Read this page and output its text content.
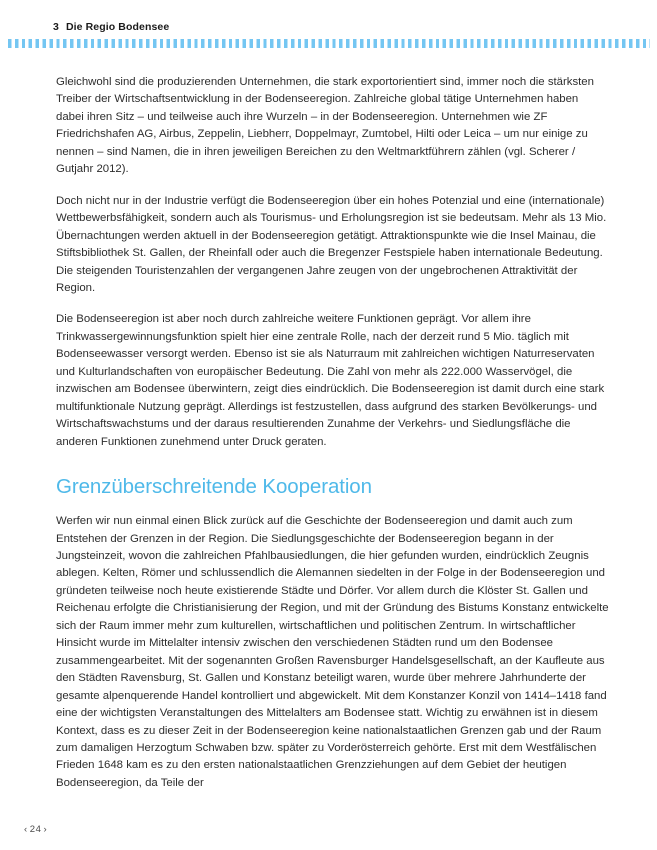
3 Die Regio Bodensee

Gleichwohl sind die produzierenden Unternehmen, die stark exportorientiert sind, immer noch die stärksten Treiber der Wirtschaftsentwicklung in der Bodenseeregion. Zahlreiche global tätige Unternehmen haben dabei ihren Sitz – und teilweise auch ihre Wurzeln – in der Bodenseeregion. Unternehmen wie ZF Friedrichshafen AG, Airbus, Zeppelin, Liebherr, Doppelmayr, Zumtobel, Hilti oder Leica – um nur einige zu nennen – sind Namen, die in ihren jeweiligen Bereichen zu den Weltmarktführern zählen (vgl. Scherer / Gutjahr 2012).

Doch nicht nur in der Industrie verfügt die Bodenseeregion über ein hohes Potenzial und eine (internationale) Wettbewerbsfähigkeit, sondern auch als Tourismus- und Erholungsregion ist sie bedeutsam. Mehr als 13 Mio. Übernachtungen werden aktuell in der Bodenseeregion getätigt. Attraktionspunkte wie die Insel Mainau, die Stiftsbibliothek St. Gallen, der Rheinfall oder auch die Bregenzer Festspiele haben internationale Bedeutung. Die steigenden Touristenzahlen der vergangenen Jahre zeugen von der ungebrochenen Attraktivität der Region.

Die Bodenseeregion ist aber noch durch zahlreiche weitere Funktionen geprägt. Vor allem ihre Trinkwassergewinnungsfunktion spielt hier eine zentrale Rolle, nach der derzeit rund 5 Mio. täglich mit Bodenseewasser versorgt werden. Ebenso ist sie als Naturraum mit zahlreichen wichtigen Naturreservaten und Kulturlandschaften von europäischer Bedeutung. Die Zahl von mehr als 222.000 Wasservögel, die inzwischen am Bodensee überwintern, zeigt dies eindrücklich. Die Bodenseeregion ist damit durch eine stark multifunktionale Nutzung geprägt. Allerdings ist festzustellen, dass aufgrund des starken Bevölkerungs- und Wirtschaftswachstums und der daraus resultierenden Zunahme der Verkehrs- und Siedlungsfläche die anderen Funktionen zunehmend unter Druck geraten.

Grenzüberschreitende Kooperation

Werfen wir nun einmal einen Blick zurück auf die Geschichte der Bodenseeregion und damit auch zum Entstehen der Grenzen in der Region. Die Siedlungsgeschichte der Bodenseeregion begann in der Jungsteinzeit, wovon die zahlreichen Pfahlbausiedlungen, die hier gefunden wurden, eindrücklich Zeugnis ablegen. Kelten, Römer und schlussendlich die Alemannen siedelten in der Folge in der Bodenseeregion und gründeten teilweise noch heute existierende Städte und Dörfer. Vor allem durch die Klöster St. Gallen und Reichenau erfolgte die Christianisierung der Region, und mit der Gründung des Bistums Konstanz entwickelte sich der Raum immer mehr zum kulturellen, wirtschaftlichen und politischen Zentrum. In wirtschaftlicher Hinsicht wurde im Mittelalter intensiv zwischen den verschiedenen Städten rund um den Bodensee zusammengearbeitet. Mit der sogenannten Großen Ravensburger Handelsgesellschaft, an der Kaufleute aus den Städten Ravensburg, St. Gallen und Konstanz beteiligt waren, wurde über mehrere Jahrhunderte der gesamte alpenquerende Handel kontrolliert und abgewickelt. Mit dem Konstanzer Konzil von 1414–1418 fand eine der wichtigsten Veranstaltungen des Mittelalters am Bodensee statt. Wichtig zu erwähnen ist in diesem Kontext, dass es zu dieser Zeit in der Bodenseeregion keine nationalstaatlichen Grenzen gab und der Raum zum damaligen Herzogtum Schwaben bzw. später zu Vorderösterreich gehörte. Erst mit dem Westfälischen Frieden 1648 kam es zu den ersten nationalstaatlichen Grenzziehungen auf dem Gebiet der heutigen Bodenseeregion, da Teile der

‹ 24 ›
